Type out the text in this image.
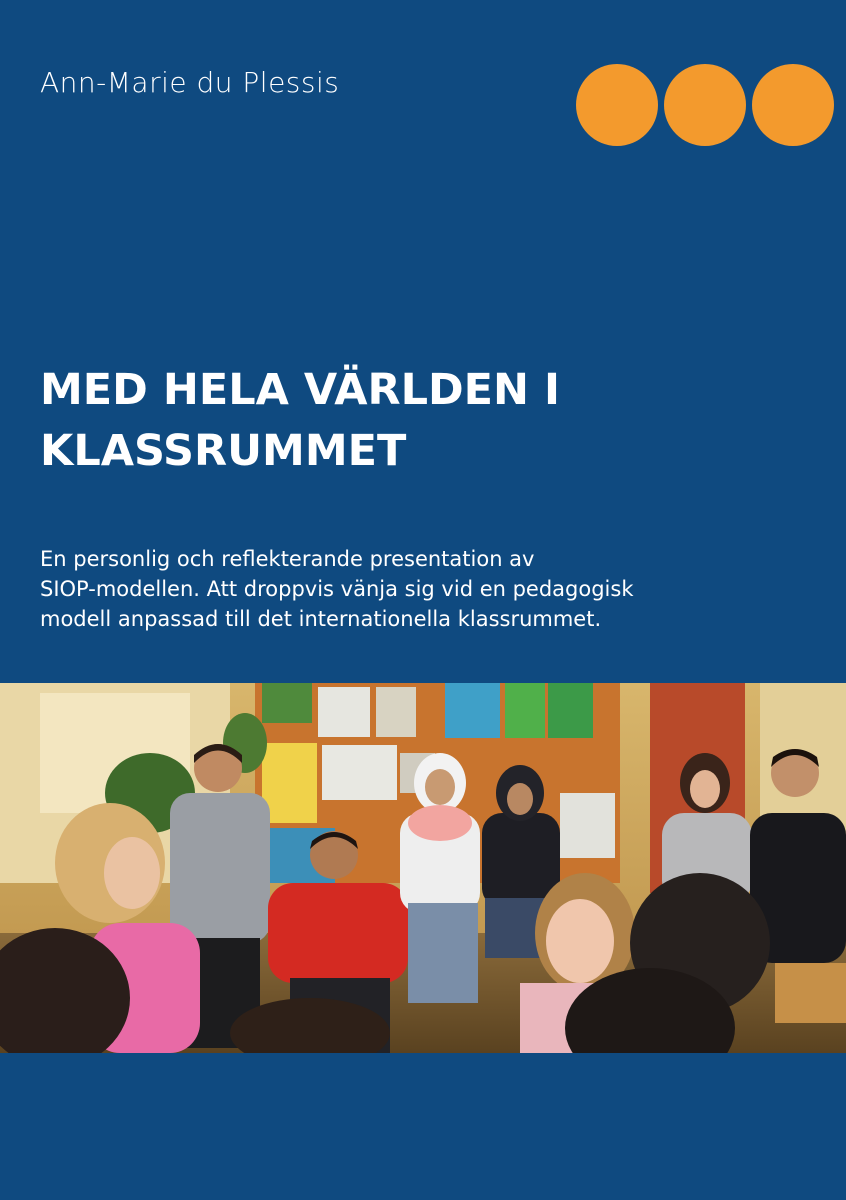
Ann-Marie du Plessis
MED HELA VÄRLDEN I
KLASSRUMMET

En personlig och reflekterande presentation av
SIOP-modellen. Att droppvis vänja sig vid en pedagogisk
modell anpassad till det internationella klassrummet.
